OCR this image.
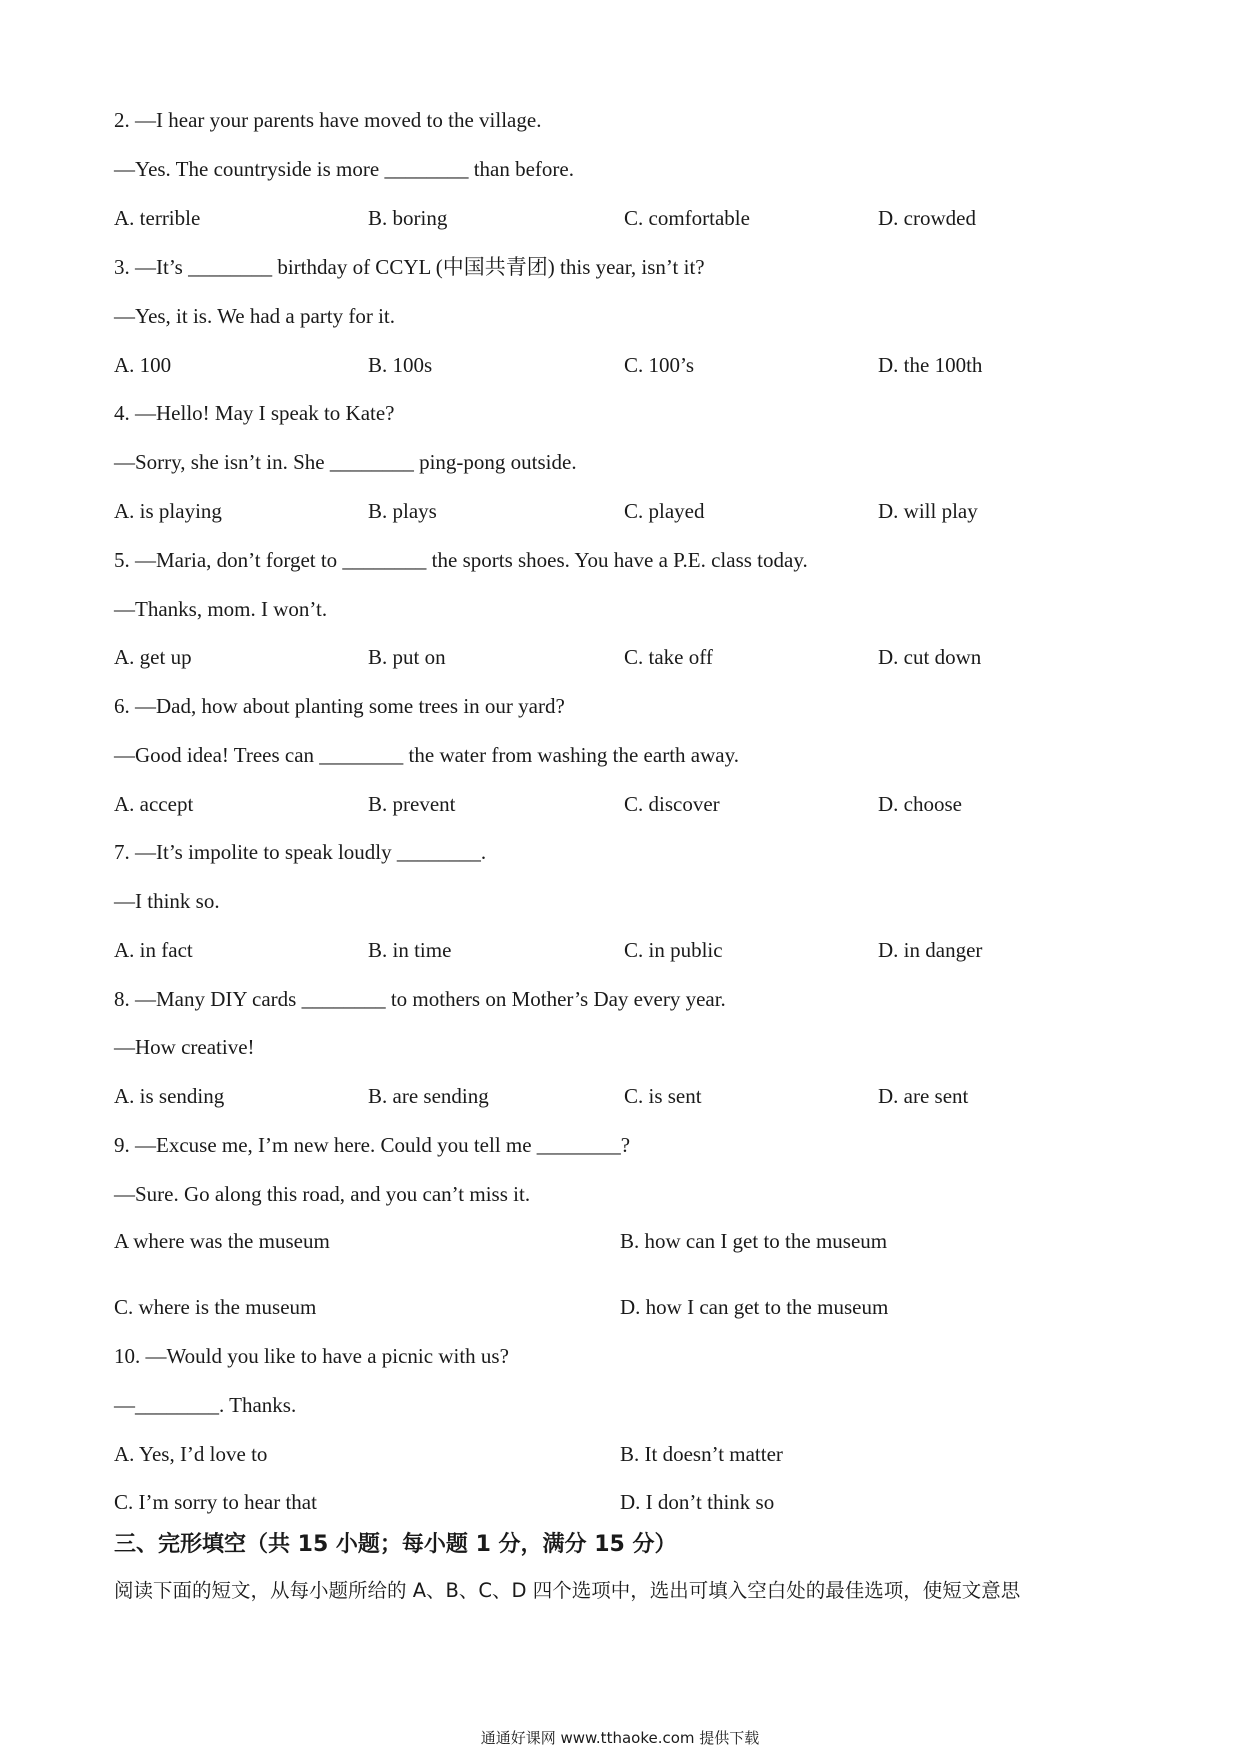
2. —I hear your parents have moved to the village.
—Yes. The countryside is more ________ than before.
A. terrible	B. boring	C. comfortable	D. crowded
3. —It’s ________ birthday of CCYL (中国共青团) this year, isn’t it?
—Yes, it is. We had a party for it.
A. 100	B. 100s	C. 100’s	D. the 100th
4. —Hello! May I speak to Kate?
—Sorry, she isn’t in. She ________ ping-pong outside.
A. is playing	B. plays	C. played	D. will play
5. —Maria, don’t forget to ________ the sports shoes. You have a P.E. class today.
—Thanks, mom. I won’t.
A. get up	B. put on	C. take off	D. cut down
6. —Dad, how about planting some trees in our yard?
—Good idea! Trees can ________ the water from washing the earth away.
A. accept	B. prevent	C. discover	D. choose
7. —It’s impolite to speak loudly ________.
—I think so.
A. in fact	B. in time	C. in public	D. in danger
8. —Many DIY cards ________ to mothers on Mother’s Day every year.
—How creative!
A. is sending	B. are sending	C. is sent	D. are sent
9. —Excuse me, I’m new here. Could you tell me ________?
—Sure. Go along this road, and you can’t miss it.
A where was the museum	B. how can I get to the museum
C. where is the museum	D. how I can get to the museum
10. —Would you like to have a picnic with us?
—________. Thanks.
A. Yes, I’d love to	B. It doesn’t matter
C. I’m sorry to hear that	D. I don’t think so
三、完形填空（共 15 小题；每小题 1 分，满分 15 分）
阅读下面的短文，从每小题所给的 A、B、C、D 四个选项中，选出可填入空白处的最佳选项，使短文意思
通通好课网 www.tthaoke.com 提供下载
